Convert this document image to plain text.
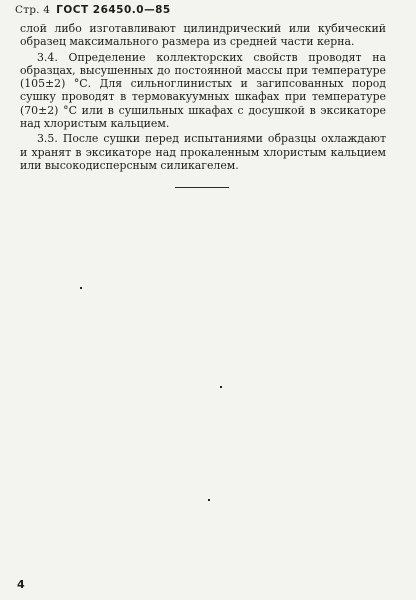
Стр. 4 ГОСТ 26450.0—85

слой либо изготавливают цилиндрический или кубический образец максимального размера из средней части керна.

3.4. Определение коллекторских свойств проводят на образцах, высушенных до постоянной массы при температуре (105±2) °С. Для сильноглинистых и загипсованных пород сушку проводят в термовакуумных шкафах при температуре (70±2) °С или в сушильных шкафах с досушкой в эксикаторе над хлористым кальцием.

3.5. После сушки перед испытаниями образцы охлаждают и хранят в эксикаторе над прокаленным хлористым кальцием или высокодисперсным силикагелем.

4
